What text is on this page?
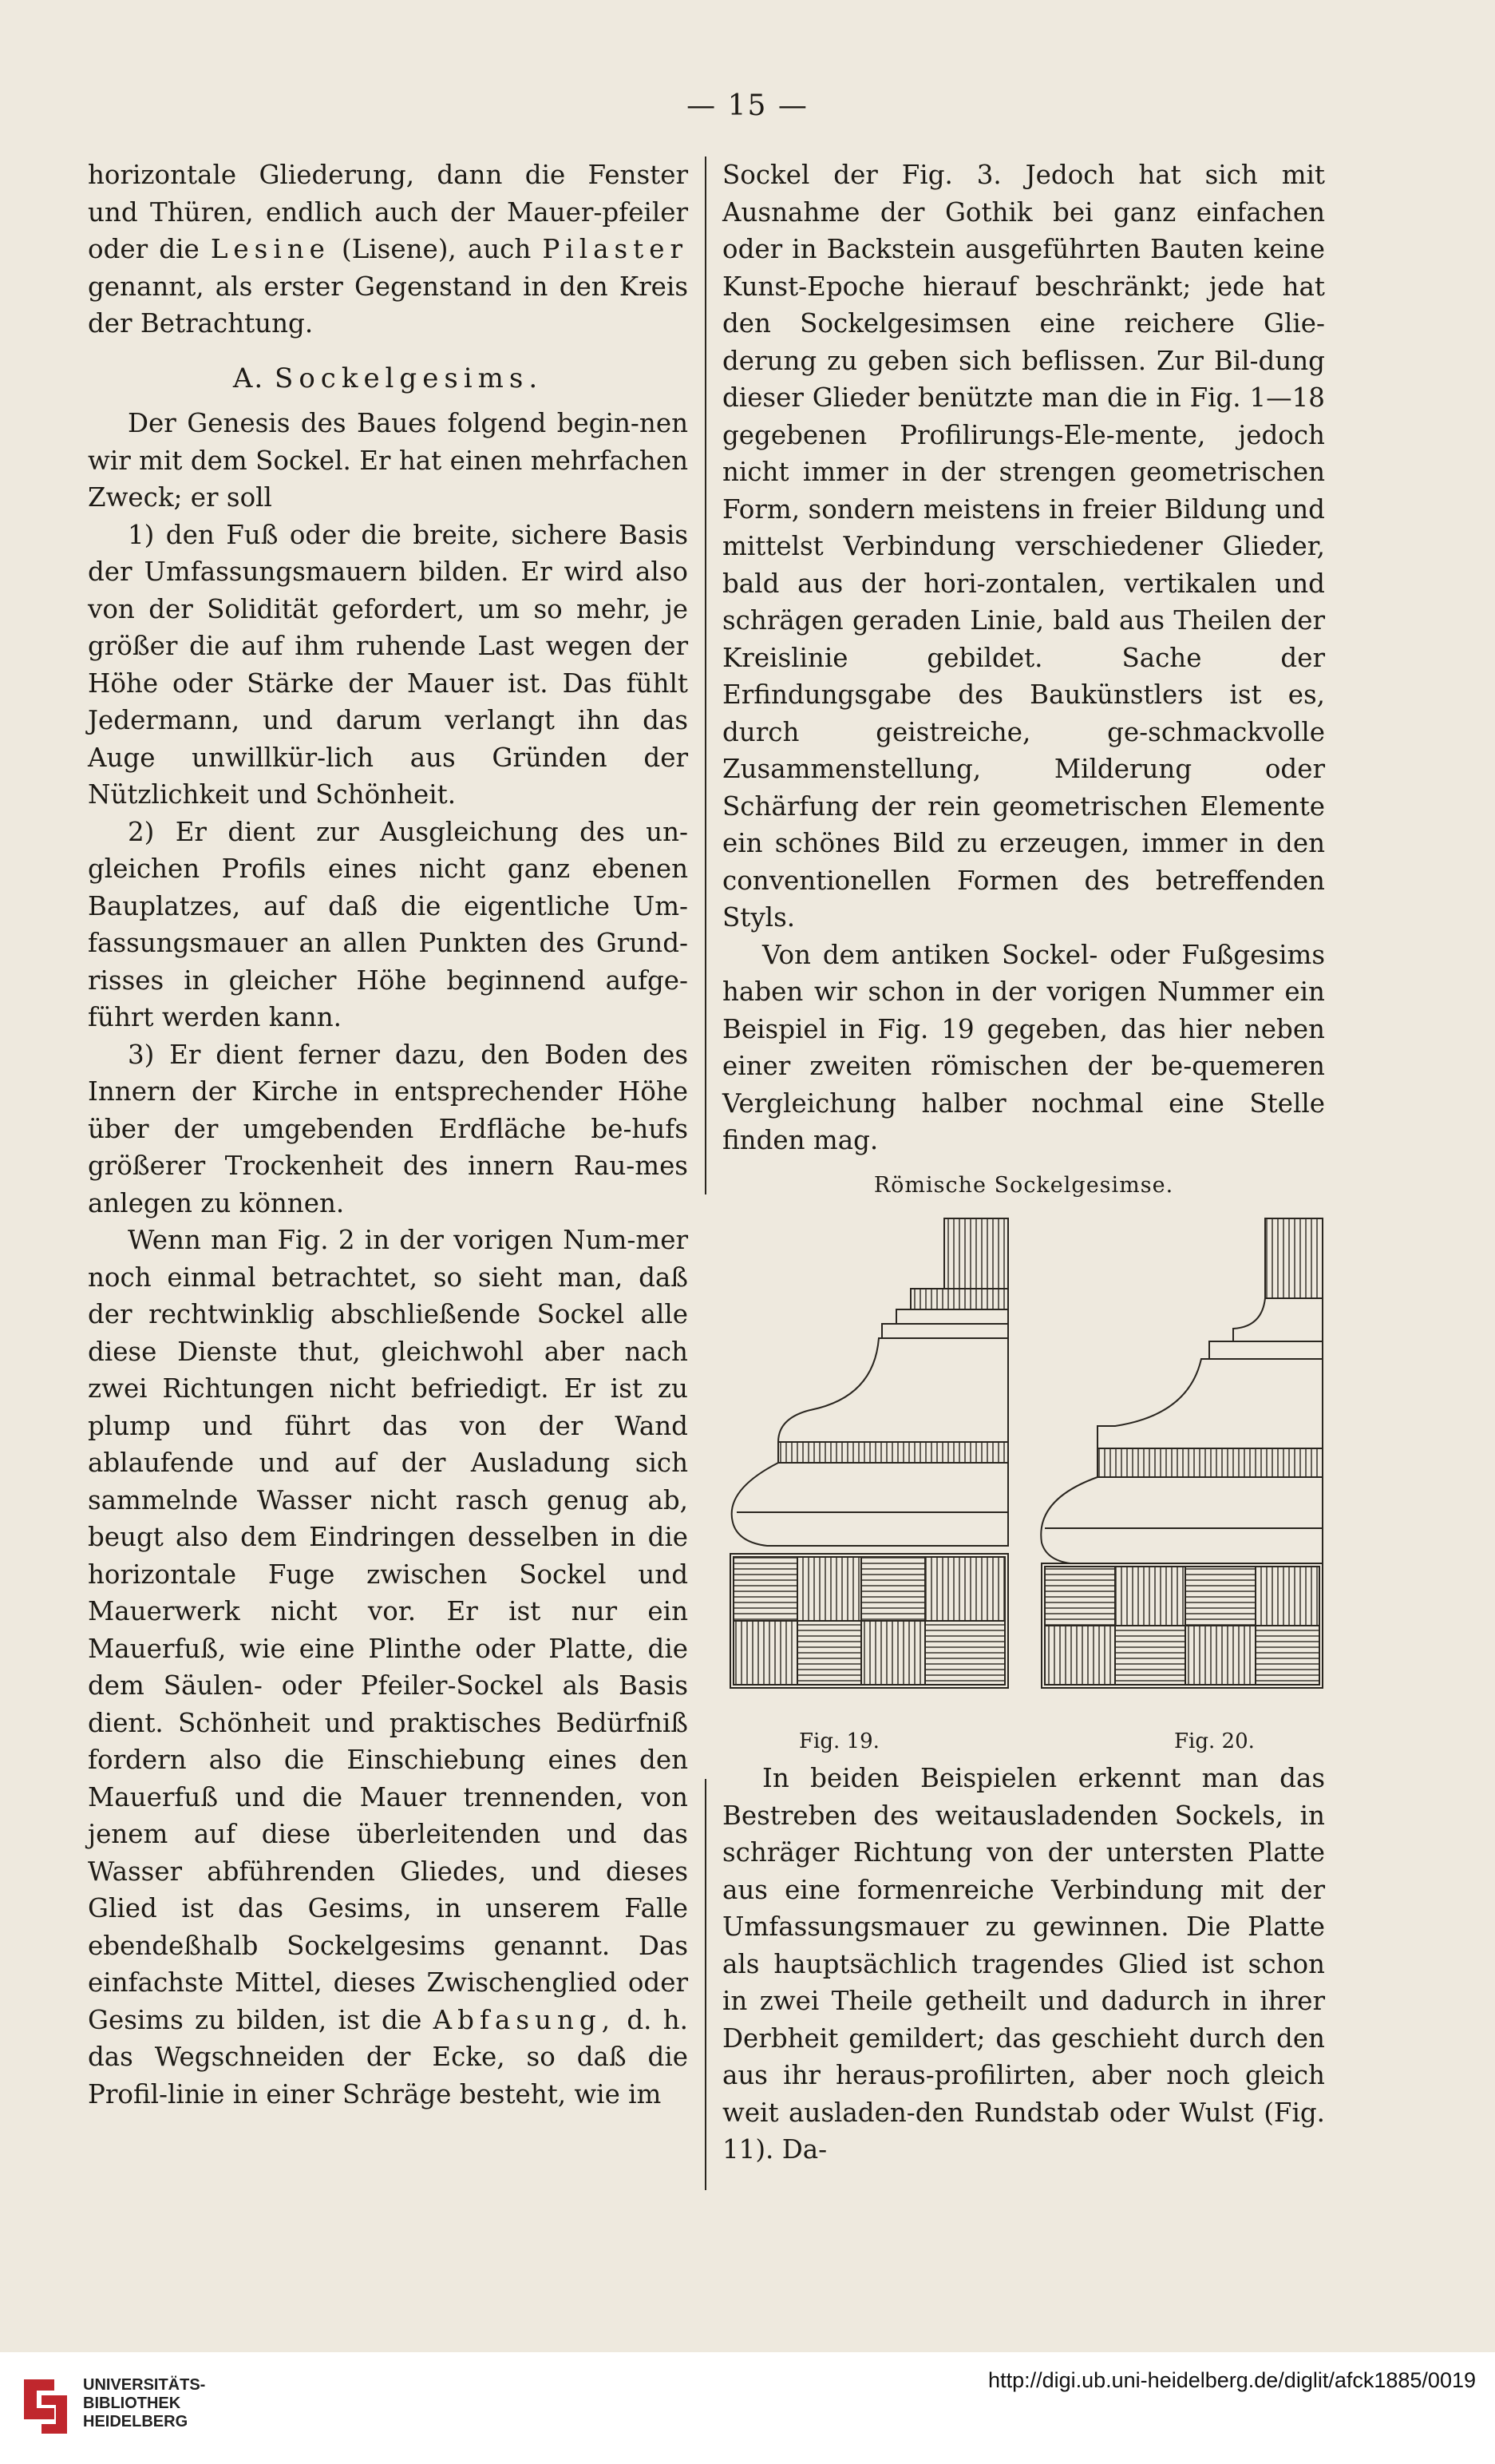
— 15 —

horizontale Gliederung, dann die Fenster und Thüren, endlich auch der Mauer-pfeiler oder die Lesine (Lisene), auch Pilaster genannt, als erster Gegenstand in den Kreis der Betrachtung.

A. Sockelgesims.

Der Genesis des Baues folgend begin-nen wir mit dem Sockel. Er hat einen mehrfachen Zweck; er soll

1) den Fuß oder die breite, sichere Basis der Umfassungsmauern bilden. Er wird also von der Solidität gefordert, um so mehr, je größer die auf ihm ruhende Last wegen der Höhe oder Stärke der Mauer ist. Das fühlt Jedermann, und darum verlangt ihn das Auge unwillkür-lich aus Gründen der Nützlichkeit und Schönheit.

2) Er dient zur Ausgleichung des un-gleichen Profils eines nicht ganz ebenen Bauplatzes, auf daß die eigentliche Um-fassungsmauer an allen Punkten des Grund-risses in gleicher Höhe beginnend aufge-führt werden kann.

3) Er dient ferner dazu, den Boden des Innern der Kirche in entsprechender Höhe über der umgebenden Erdfläche be-hufs größerer Trockenheit des innern Rau-mes anlegen zu können.

Wenn man Fig. 2 in der vorigen Num-mer noch einmal betrachtet, so sieht man, daß der rechtwinklig abschließende Sockel alle diese Dienste thut, gleichwohl aber nach zwei Richtungen nicht befriedigt. Er ist zu plump und führt das von der Wand ablaufende und auf der Ausladung sich sammelnde Wasser nicht rasch genug ab, beugt also dem Eindringen desselben in die horizontale Fuge zwischen Sockel und Mauerwerk nicht vor. Er ist nur ein Mauerfuß, wie eine Plinthe oder Platte, die dem Säulen- oder Pfeiler-Sockel als Basis dient. Schönheit und praktisches Bedürfniß fordern also die Einschiebung eines den Mauerfuß und die Mauer trennenden, von jenem auf diese überleitenden und das Wasser abführenden Gliedes, und dieses Glied ist das Gesims, in unserem Falle ebendeßhalb Sockelgesims genannt. Das einfachste Mittel, dieses Zwischenglied oder Gesims zu bilden, ist die Abfasung, d. h. das Wegschneiden der Ecke, so daß die Profil-linie in einer Schräge besteht, wie im

Sockel der Fig. 3. Jedoch hat sich mit Ausnahme der Gothik bei ganz einfachen oder in Backstein ausgeführten Bauten keine Kunst-Epoche hierauf beschränkt; jede hat den Sockelgesimsen eine reichere Glie-derung zu geben sich beflissen. Zur Bil-dung dieser Glieder benützte man die in Fig. 1—18 gegebenen Profilirungs-Ele-mente, jedoch nicht immer in der strengen geometrischen Form, sondern meistens in freier Bildung und mittelst Verbindung verschiedener Glieder, bald aus der hori-zontalen, vertikalen und schrägen geraden Linie, bald aus Theilen der Kreislinie gebildet. Sache der Erfindungsgabe des Baukünstlers ist es, durch geistreiche, ge-schmackvolle Zusammenstellung, Milderung oder Schärfung der rein geometrischen Elemente ein schönes Bild zu erzeugen, immer in den conventionellen Formen des betreffenden Styls.

Von dem antiken Sockel- oder Fußgesims haben wir schon in der vorigen Nummer ein Beispiel in Fig. 19 gegeben, das hier neben einer zweiten römischen der be-quemeren Vergleichung halber nochmal eine Stelle finden mag.

Römische Sockelgesimse.
Fig. 19.	Fig. 20.

In beiden Beispielen erkennt man das Bestreben des weitausladenden Sockels, in schräger Richtung von der untersten Platte aus eine formenreiche Verbindung mit der Umfassungsmauer zu gewinnen. Die Platte als hauptsächlich tragendes Glied ist schon in zwei Theile getheilt und dadurch in ihrer Derbheit gemildert; das geschieht durch den aus ihr heraus-profilirten, aber noch gleich weit ausladen-den Rundstab oder Wulst (Fig. 11). Da-

UNIVERSITÄTS-
BIBLIOTHEK
HEIDELBERG
http://digi.ub.uni-heidelberg.de/diglit/afck1885/0019
